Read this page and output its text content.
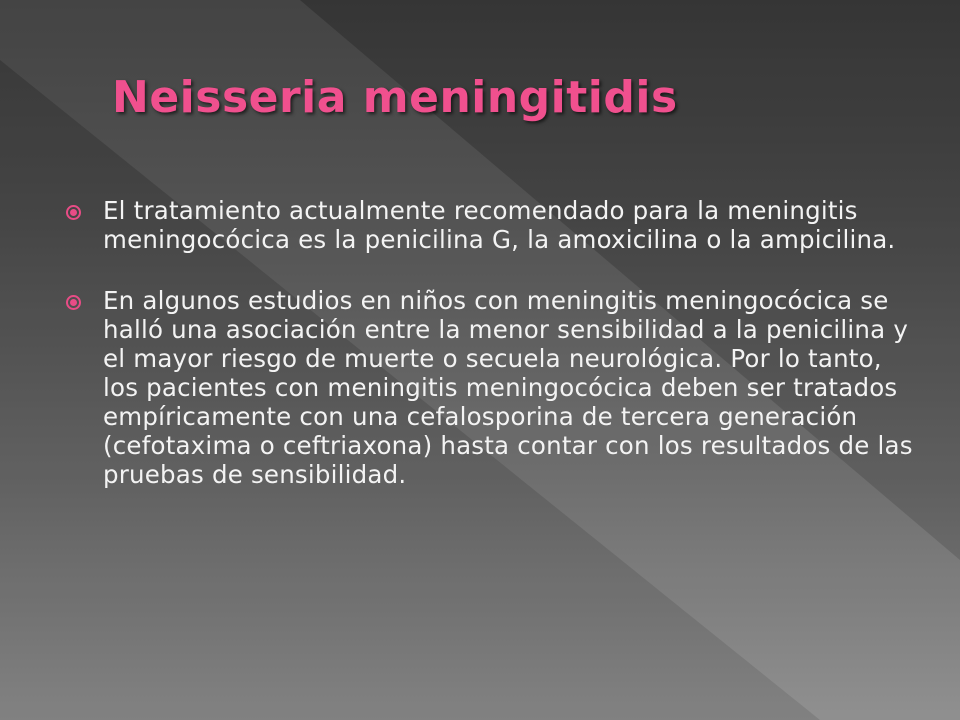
Neisseria meningitidis
El tratamiento actualmente recomendado para la meningitis meningocócica es la penicilina G, la amoxicilina o la ampicilina.
En algunos estudios en niños con meningitis meningocócica se halló una asociación entre la menor sensibilidad a la penicilina y el mayor riesgo de muerte o secuela neurológica. Por lo tanto, los pacientes con meningitis meningocócica deben ser tratados empíricamente con una cefalosporina de tercera generación (cefotaxima o ceftriaxona) hasta contar con los resultados de las pruebas de sensibilidad.
